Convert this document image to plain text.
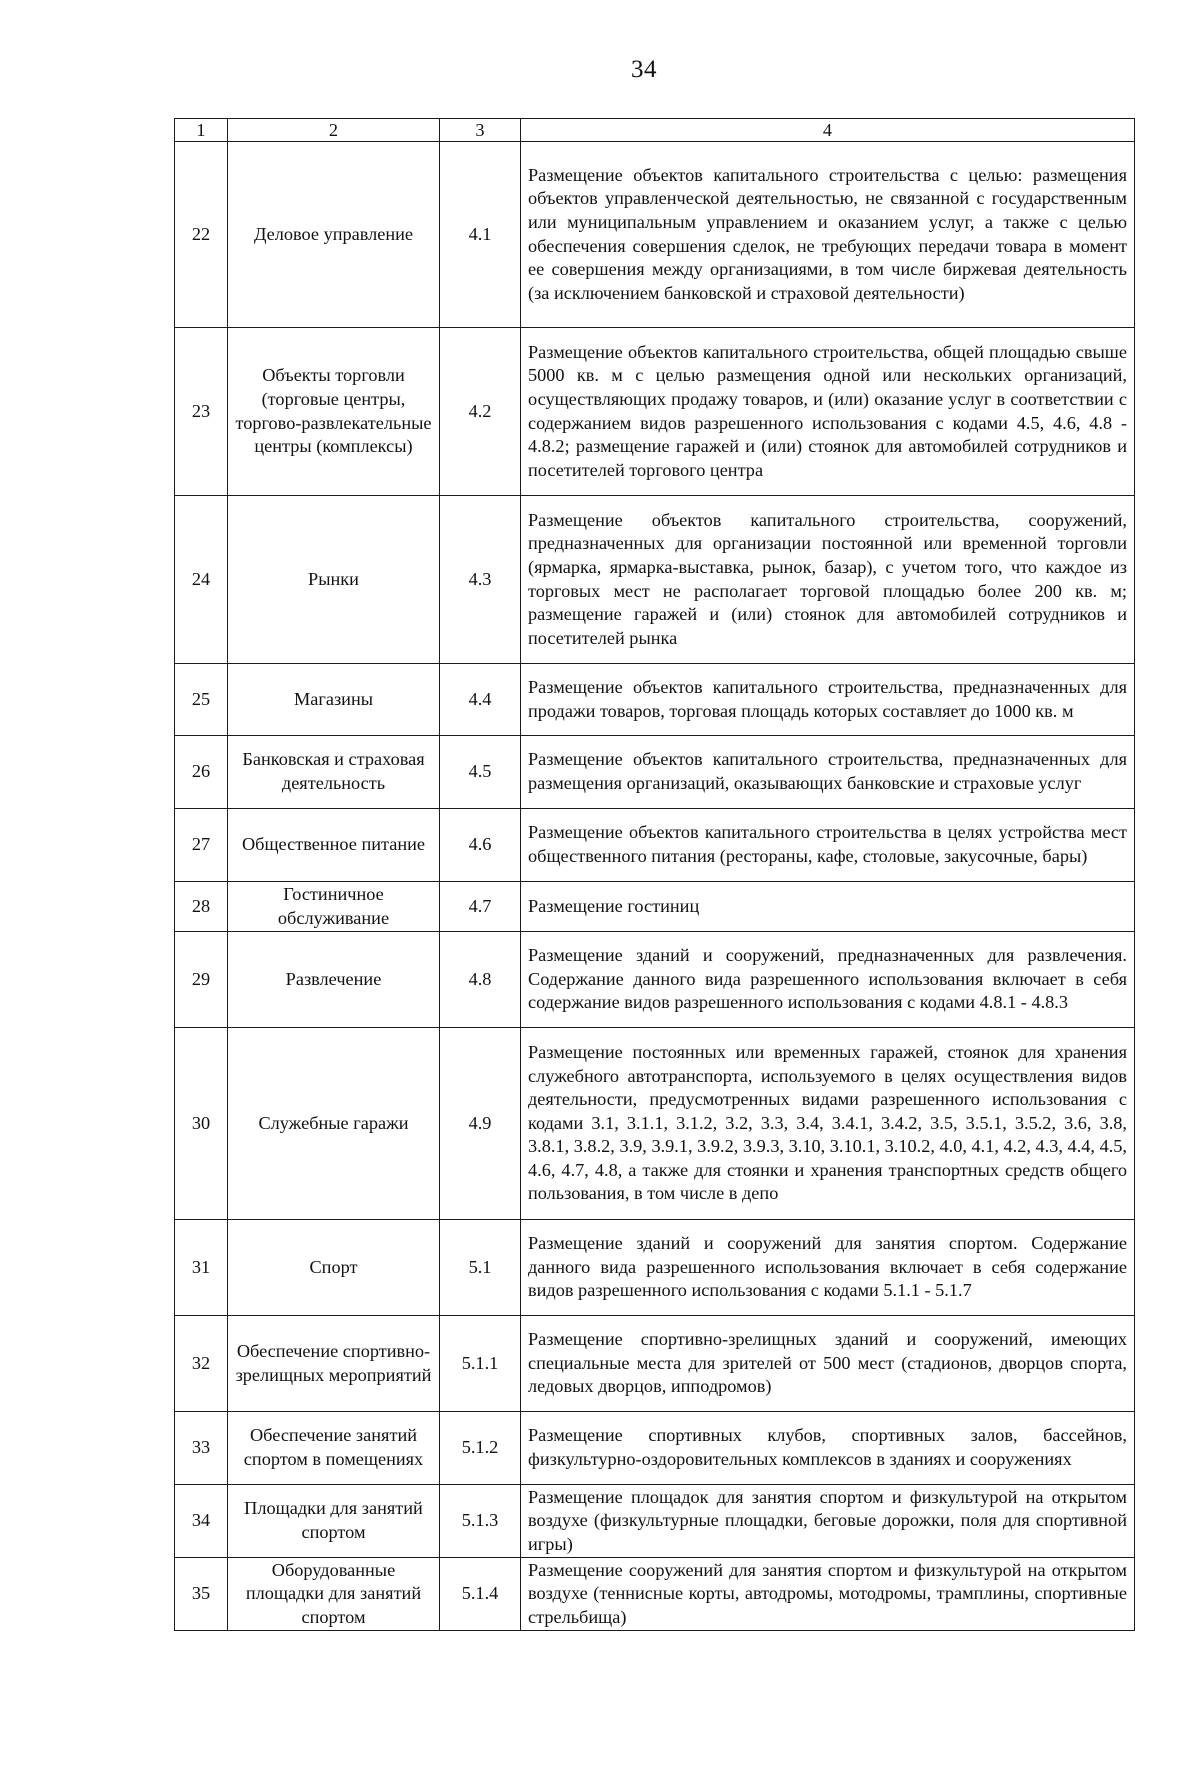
34
1	2	3	4
22	Деловое управление	4.1	Размещение объектов капитального строительства с целью: размещения объектов управленческой деятельностью, не связанной с государственным или муниципальным управлением и оказанием услуг, а также с целью обеспечения совершения сделок, не требующих передачи товара в момент ее совершения между организациями, в том числе биржевая деятельность (за исключением банковской и страховой деятельности)
23	Объекты торговли (торговые центры, торгово-развлекательные центры (комплексы)	4.2	Размещение объектов капитального строительства, общей площадью свыше 5000 кв. м с целью размещения одной или нескольких организаций, осуществляющих продажу товаров, и (или) оказание услуг в соответствии с содержанием видов разрешенного использования с кодами 4.5, 4.6, 4.8 - 4.8.2; размещение гаражей и (или) стоянок для автомобилей сотрудников и посетителей торгового центра
24	Рынки	4.3	Размещение объектов капитального строительства, сооружений, предназначенных для организации постоянной или временной торговли (ярмарка, ярмарка-выставка, рынок, базар), с учетом того, что каждое из торговых мест не располагает торговой площадью более 200 кв. м; размещение гаражей и (или) стоянок для автомобилей сотрудников и посетителей рынка
25	Магазины	4.4	Размещение объектов капитального строительства, предназначенных для продажи товаров, торговая площадь которых составляет до 1000 кв. м
26	Банковская и страховая деятельность	4.5	Размещение объектов капитального строительства, предназначенных для размещения организаций, оказывающих банковские и страховые услуг
27	Общественное питание	4.6	Размещение объектов капитального строительства в целях устройства мест общественного питания (рестораны, кафе, столовые, закусочные, бары)
28	Гостиничное обслуживание	4.7	Размещение гостиниц
29	Развлечение	4.8	Размещение зданий и сооружений, предназначенных для развлечения. Содержание данного вида разрешенного использования включает в себя содержание видов разрешенного использования с кодами 4.8.1 - 4.8.3
30	Служебные гаражи	4.9	Размещение постоянных или временных гаражей, стоянок для хранения служебного автотранспорта, используемого в целях осуществления видов деятельности, предусмотренных видами разрешенного использования с кодами 3.1, 3.1.1, 3.1.2, 3.2, 3.3, 3.4, 3.4.1, 3.4.2, 3.5, 3.5.1, 3.5.2, 3.6, 3.8, 3.8.1, 3.8.2, 3.9, 3.9.1, 3.9.2, 3.9.3, 3.10, 3.10.1, 3.10.2, 4.0, 4.1, 4.2, 4.3, 4.4, 4.5, 4.6, 4.7, 4.8, а также для стоянки и хранения транспортных средств общего пользования, в том числе в депо
31	Спорт	5.1	Размещение зданий и сооружений для занятия спортом. Содержание данного вида разрешенного использования включает в себя содержание видов разрешенного использования с кодами 5.1.1 - 5.1.7
32	Обеспечение спортивно-зрелищных мероприятий	5.1.1	Размещение спортивно-зрелищных зданий и сооружений, имеющих специальные места для зрителей от 500 мест (стадионов, дворцов спорта, ледовых дворцов, ипподромов)
33	Обеспечение занятий спортом в помещениях	5.1.2	Размещение спортивных клубов, спортивных залов, бассейнов, физкультурно-оздоровительных комплексов в зданиях и сооружениях
34	Площадки для занятий спортом	5.1.3	Размещение площадок для занятия спортом и физкультурой на открытом воздухе (физкультурные площадки, беговые дорожки, поля для спортивной игры)
35	Оборудованные площадки для занятий спортом	5.1.4	Размещение сооружений для занятия спортом и физкультурой на открытом воздухе (теннисные корты, автодромы, мотодромы, трамплины, спортивные стрельбища)
